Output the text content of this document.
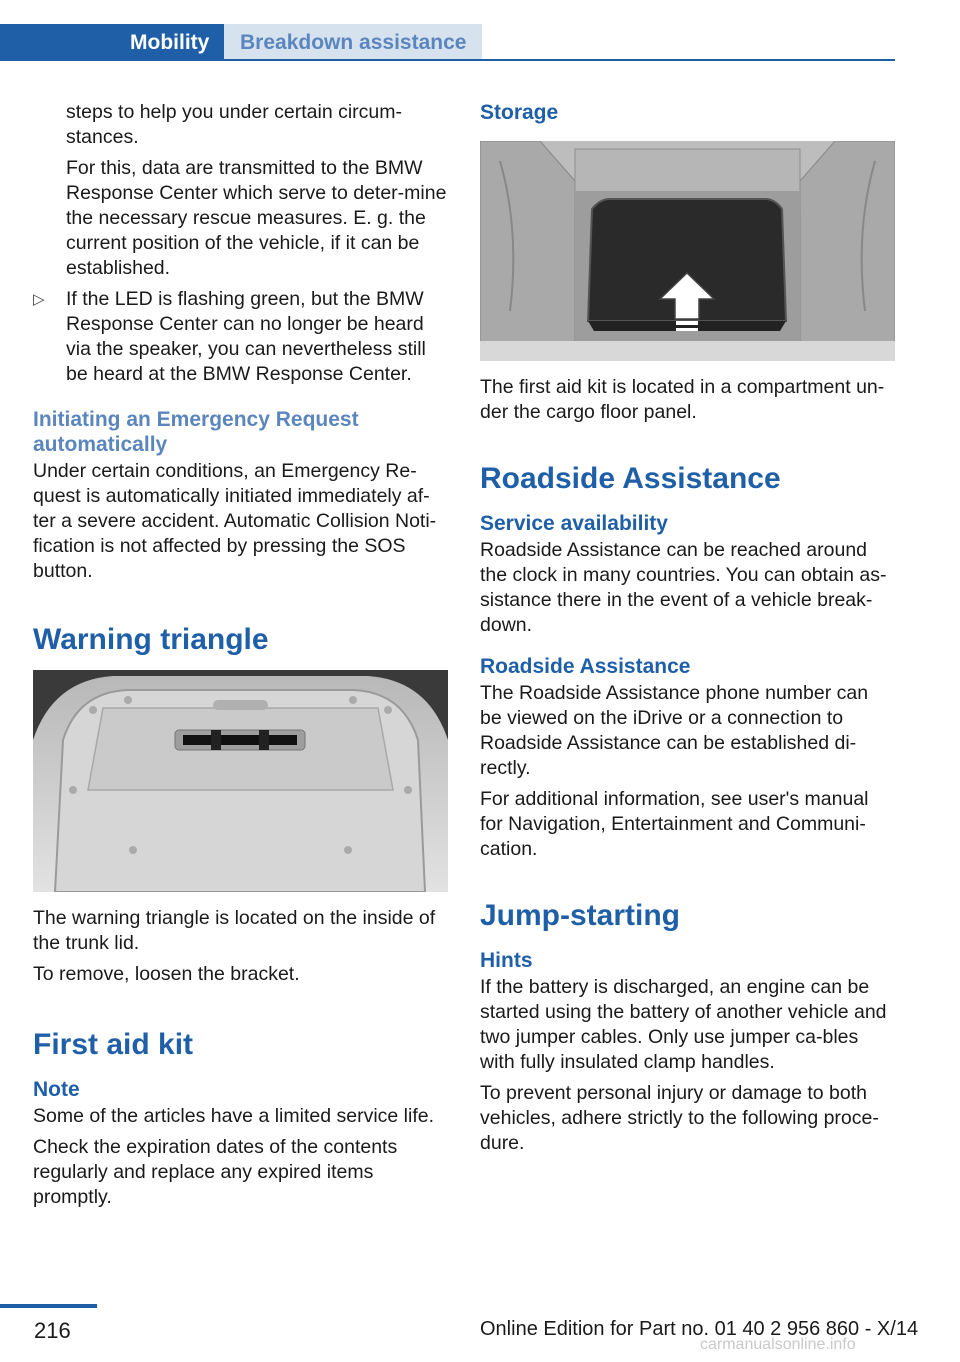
Mobility	Breakdown assistance

steps to help you under certain circum-
stances.

For this, data are transmitted to the BMW Response Center which serve to deter-mine the necessary rescue measures. E. g. the current position of the vehicle, if it can be established.

▷ If the LED is flashing green, but the BMW Response Center can no longer be heard via the speaker, you can nevertheless still be heard at the BMW Response Center.

Initiating an Emergency Request automatically

Under certain conditions, an Emergency Re-quest is automatically initiated immediately af-ter a severe accident. Automatic Collision Noti-fication is not affected by pressing the SOS button.

Warning triangle

The warning triangle is located on the inside of the trunk lid.

To remove, loosen the bracket.

First aid kit
Note

Some of the articles have a limited service life.

Check the expiration dates of the contents regularly and replace any expired items promptly.

Storage

The first aid kit is located in a compartment un-der the cargo floor panel.

Roadside Assistance
Service availability

Roadside Assistance can be reached around the clock in many countries. You can obtain as-sistance there in the event of a vehicle break-down.

Roadside Assistance

The Roadside Assistance phone number can be viewed on the iDrive or a connection to Roadside Assistance can be established di-rectly.

For additional information, see user's manual for Navigation, Entertainment and Communi-cation.

Jump-starting
Hints

If the battery is discharged, an engine can be started using the battery of another vehicle and two jumper cables. Only use jumper ca-bles with fully insulated clamp handles.

To prevent personal injury or damage to both vehicles, adhere strictly to the following proce-dure.

216	Online Edition for Part no. 01 40 2 956 860 - X/14
carmanualsonline.info
